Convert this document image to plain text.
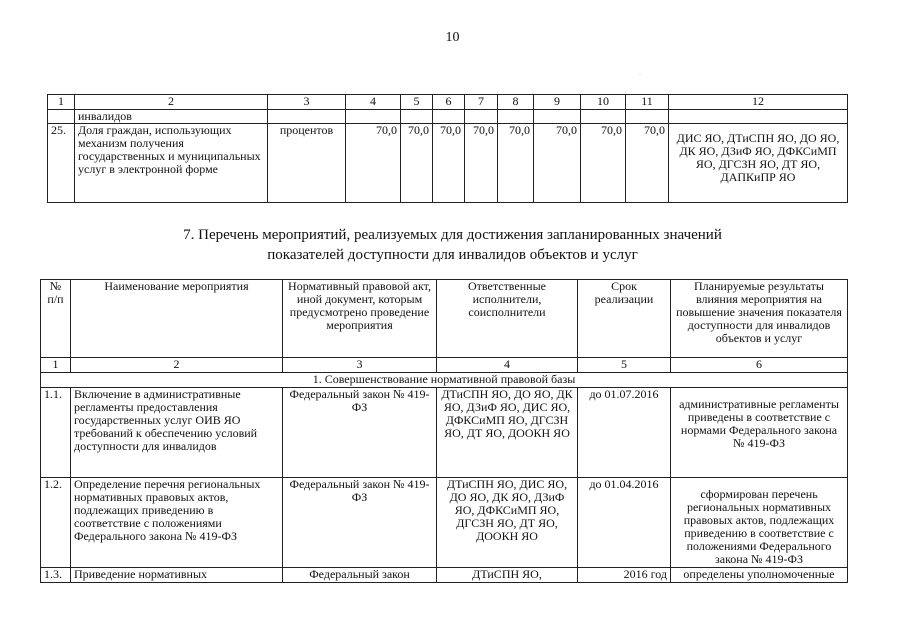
10
1	2	3	4	5	6	7	8	9	10	11	12
	инвалидов										
25.	Доля граждан, использующих механизм получения государственных и муниципальных услуг в электронной форме	процентов	70,0	70,0	70,0	70,0	70,0	70,0	70,0	70,0	ДИС ЯО, ДТиСПН ЯО, ДО ЯО, ДК ЯО, ДЗиФ ЯО, ДФКСиМП ЯО, ДГСЗН ЯО, ДТ ЯО, ДАПКиПР ЯО
·
7. Перечень мероприятий, реализуемых для достижения запланированных значений
показателей доступности для инвалидов объектов и услуг
№ п/п	Наименование мероприятия	Нормативный правовой акт, иной документ, которым предусмотрено проведение мероприятия	Ответственные исполнители, соисполнители	Срок реализации	Планируемые результаты влияния мероприятия на повышение значения показателя доступности для инвалидов объектов и услуг
1	2	3	4	5	6
1. Совершенствование нормативной правовой базы					
1.1.	Включение в административные регламенты предоставления государственных услуг ОИВ ЯО требований к обеспечению условий доступности для инвалидов	Федеральный закон № 419-ФЗ	ДТиСПН ЯО, ДО ЯО, ДК ЯО, ДЗиФ ЯО, ДИС ЯО, ДФКСиМП ЯО, ДГСЗН ЯО, ДТ ЯО, ДООКН ЯО	до 01.07.2016	административные регламенты приведены в соответствие с нормами Федерального закона № 419-ФЗ
1.2.	Определение перечня региональных нормативных правовых актов, подлежащих приведению в соответствие с положениями Федерального закона № 419-ФЗ	Федеральный закон № 419-ФЗ	ДТиСПН ЯО, ДИС ЯО, ДО ЯО, ДК ЯО, ДЗиФ ЯО, ДФКСиМП ЯО, ДГСЗН ЯО, ДТ ЯО, ДООКН ЯО	до 01.04.2016	сформирован перечень региональных нормативных правовых актов, подлежащих приведению в соответствие с положениями Федерального закона № 419-ФЗ
1.3.	Приведение нормативных	Федеральный закон	ДТиСПН ЯО,	2016 год	определены уполномоченные
